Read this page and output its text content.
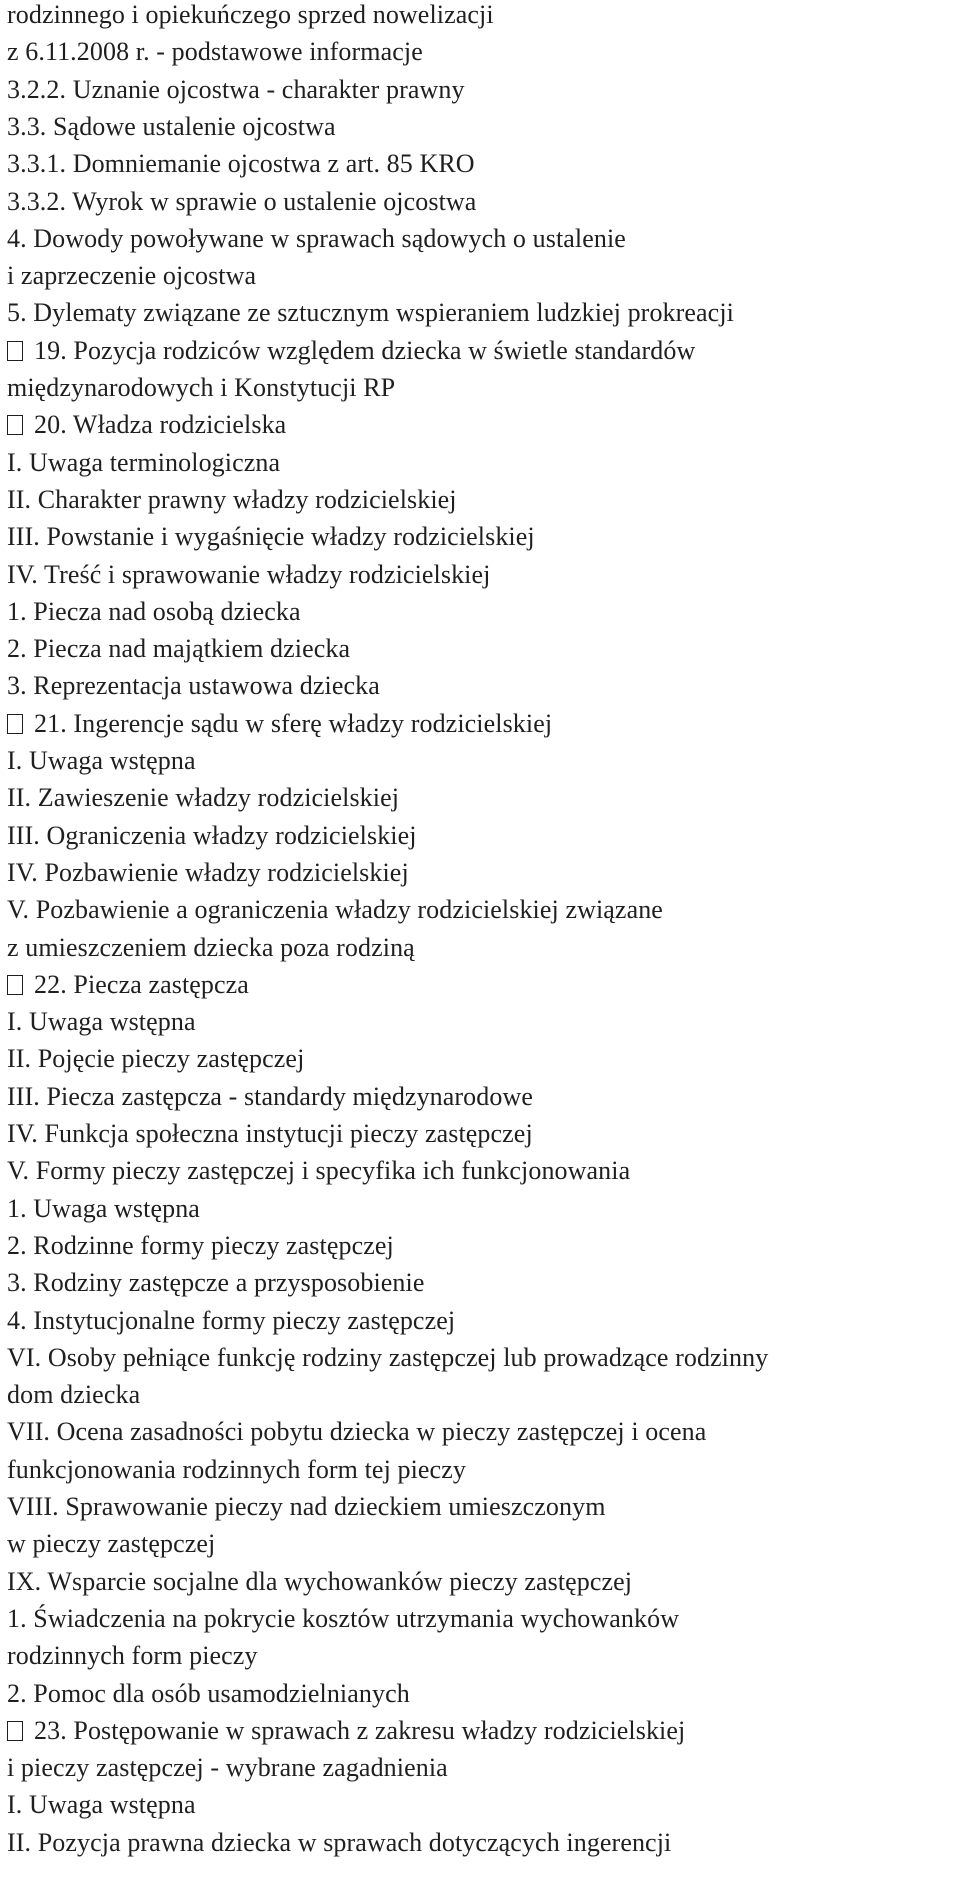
rodzinnego i opiekuńczego sprzed nowelizacji
z 6.11.2008 r. - podstawowe informacje
3.2.2. Uznanie ojcostwa - charakter prawny
3.3. Sądowe ustalenie ojcostwa
3.3.1. Domniemanie ojcostwa z art. 85 KRO
3.3.2. Wyrok w sprawie o ustalenie ojcostwa
4. Dowody powoływane w sprawach sądowych o ustalenie
i zaprzeczenie ojcostwa
5. Dylematy związane ze sztucznym wspieraniem ludzkiej prokreacji
19. Pozycja rodziców względem dziecka w świetle standardów
międzynarodowych i Konstytucji RP
20. Władza rodzicielska
I. Uwaga terminologiczna
II. Charakter prawny władzy rodzicielskiej
III. Powstanie i wygaśnięcie władzy rodzicielskiej
IV. Treść i sprawowanie władzy rodzicielskiej
1. Piecza nad osobą dziecka
2. Piecza nad majątkiem dziecka
3. Reprezentacja ustawowa dziecka
21. Ingerencje sądu w sferę władzy rodzicielskiej
I. Uwaga wstępna
II. Zawieszenie władzy rodzicielskiej
III. Ograniczenia władzy rodzicielskiej
IV. Pozbawienie władzy rodzicielskiej
V. Pozbawienie a ograniczenia władzy rodzicielskiej związane
z umieszczeniem dziecka poza rodziną
22. Piecza zastępcza
I. Uwaga wstępna
II. Pojęcie pieczy zastępczej
III. Piecza zastępcza - standardy międzynarodowe
IV. Funkcja społeczna instytucji pieczy zastępczej
V. Formy pieczy zastępczej i specyfika ich funkcjonowania
1. Uwaga wstępna
2. Rodzinne formy pieczy zastępczej
3. Rodziny zastępcze a przysposobienie
4. Instytucjonalne formy pieczy zastępczej
VI. Osoby pełniące funkcję rodziny zastępczej lub prowadzące rodzinny
dom dziecka
VII. Ocena zasadności pobytu dziecka w pieczy zastępczej i ocena
funkcjonowania rodzinnych form tej pieczy
VIII. Sprawowanie pieczy nad dzieckiem umieszczonym
w pieczy zastępczej
IX. Wsparcie socjalne dla wychowanków pieczy zastępczej
1. Świadczenia na pokrycie kosztów utrzymania wychowanków
rodzinnych form pieczy
2. Pomoc dla osób usamodzielnianych
23. Postępowanie w sprawach z zakresu władzy rodzicielskiej
i pieczy zastępczej - wybrane zagadnienia
I. Uwaga wstępna
II. Pozycja prawna dziecka w sprawach dotyczących ingerencji
